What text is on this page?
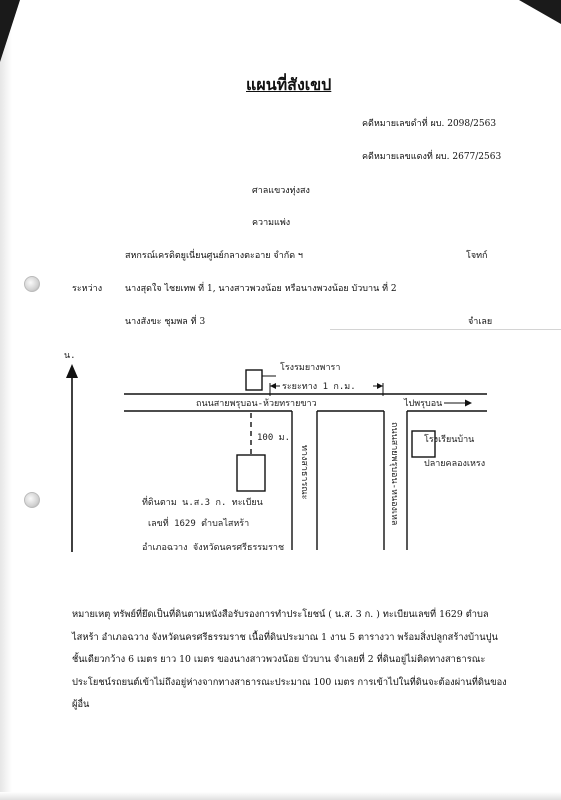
แผนที่สังเขป
คดีหมายเลขดำที่ ผบ. 2098/2563
คดีหมายเลขแดงที่ ผบ. 2677/2563
ศาลแขวงทุ่งสง
ความแพ่ง
สหกรณ์เครดิตยูเนี่ยนศูนย์กลางตะอาย จำกัด ฯ	โจทก์
ระหว่าง	นางสุดใจ ไชยเทพ ที่ 1, นางสาวพวงน้อย หรือนางพวงน้อย บัวบาน ที่ 2
นางสังขะ ชุมพล ที่ 3	จำเลย
น.
โรงรมยางพารา
ระยะทาง 1 ก.ม.
ถนนสายพรุบอน-ห้วยทรายขาว	ไปพรุบอน
ทางสาธารณะ	ถนนสายพรุบอน-หนองเหล	โรงเรียนบ้าน
ปลายคลองเหรง
100 ม.
ที่ดินตาม น.ส.3 ก. ทะเบียน
เลขที่ 1629 ตำบลไสหร้า
อำเภอฉวาง จังหวัดนครศรีธรรมราช
หมายเหตุ ทรัพย์ที่ยึดเป็นที่ดินตามหนังสือรับรองการทำประโยชน์ ( น.ส. 3 ก. ) ทะเบียนเลขที่ 1629 ตำบล
ไสหร้า อำเภอฉวาง จังหวัดนครศรีธรรมราช เนื้อที่ดินประมาณ 1 งาน 5 ตารางวา พร้อมสิ่งปลูกสร้างบ้านปูน
ชั้นเดียวกว้าง 6 เมตร ยาว 10 เมตร ของนางสาวพวงน้อย บัวบาน จำเลยที่ 2 ที่ดินอยู่ไม่ติดทางสาธารณะ
ประโยชน์รถยนต์เข้าไม่ถึงอยู่ห่างจากทางสาธารณะประมาณ 100 เมตร การเข้าไปในที่ดินจะต้องผ่านที่ดินของ
ผู้อื่น
